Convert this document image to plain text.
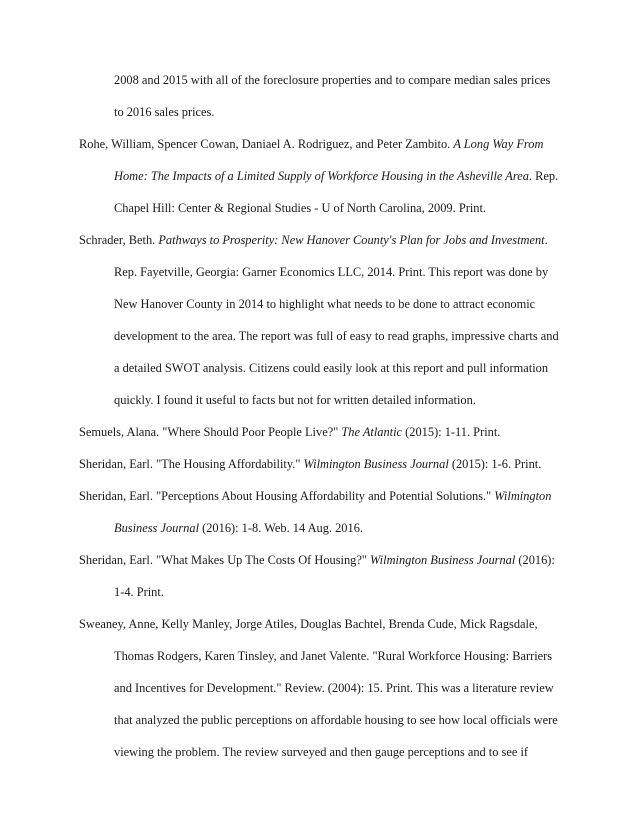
2008 and 2015 with all of the foreclosure properties and to compare median sales prices
to 2016 sales prices.
Rohe, William, Spencer Cowan, Daniael A. Rodriguez, and Peter Zambito. A Long Way From
Home: The Impacts of a Limited Supply of Workforce Housing in the Asheville Area. Rep.
Chapel Hill: Center & Regional Studies - U of North Carolina, 2009. Print.
Schrader, Beth. Pathways to Prosperity: New Hanover County's Plan for Jobs and Investment.
Rep. Fayetville, Georgia: Garner Economics LLC, 2014. Print. This report was done by
New Hanover County in 2014 to highlight what needs to be done to attract economic
development to the area. The report was full of easy to read graphs, impressive charts and
a detailed SWOT analysis. Citizens could easily look at this report and pull information
quickly. I found it useful to facts but not for written detailed information.
Semuels, Alana. "Where Should Poor People Live?" The Atlantic (2015): 1-11. Print.
Sheridan, Earl. "The Housing Affordability." Wilmington Business Journal (2015): 1-6. Print.
Sheridan, Earl. "Perceptions About Housing Affordability and Potential Solutions." Wilmington
Business Journal (2016): 1-8. Web. 14 Aug. 2016.
Sheridan, Earl. "What Makes Up The Costs Of Housing?" Wilmington Business Journal (2016):
1-4. Print.
Sweaney, Anne, Kelly Manley, Jorge Atiles, Douglas Bachtel, Brenda Cude, Mick Ragsdale,
Thomas Rodgers, Karen Tinsley, and Janet Valente. "Rural Workforce Housing: Barriers
and Incentives for Development." Review. (2004): 15. Print. This was a literature review
that analyzed the public perceptions on affordable housing to see how local officials were
viewing the problem. The review surveyed and then gauge perceptions and to see if
